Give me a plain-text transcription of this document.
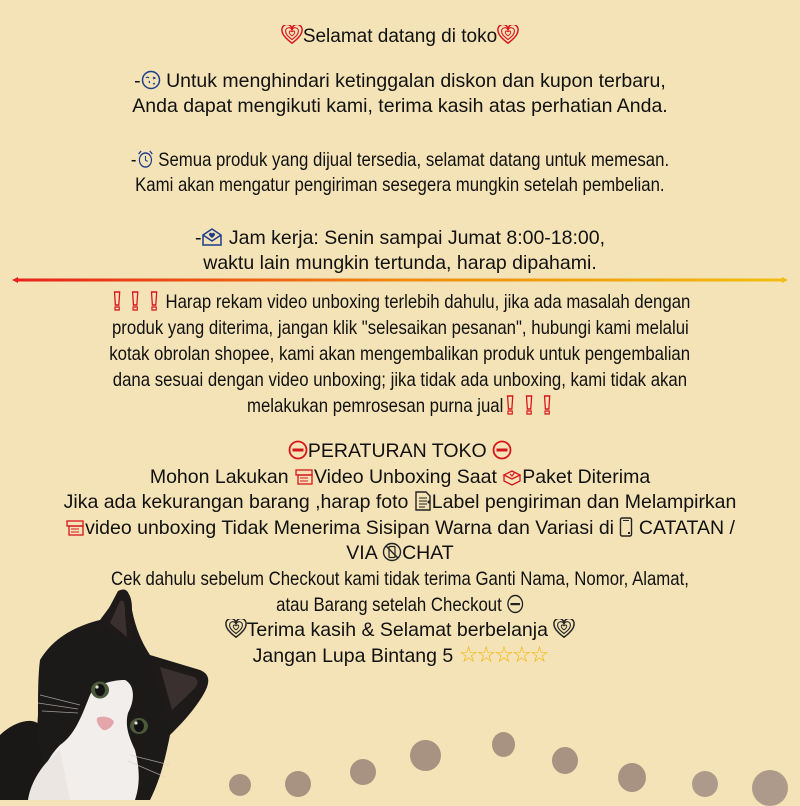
Selamat datang di toko
- Untuk menghindari ketinggalan diskon dan kupon terbaru,
Anda dapat mengikuti kami, terima kasih atas perhatian Anda.
- Semua produk yang dijual tersedia, selamat datang untuk memesan.
Kami akan mengatur pengiriman sesegera mungkin setelah pembelian.
- Jam kerja: Senin sampai Jumat 8:00-18:00,
waktu lain mungkin tertunda, harap dipahami.
Harap rekam video unboxing terlebih dahulu, jika ada masalah dengan
produk yang diterima, jangan klik "selesaikan pesanan", hubungi kami melalui
kotak obrolan shopee, kami akan mengembalikan produk untuk pengembalian
dana sesuai dengan video unboxing; jika tidak ada unboxing, kami tidak akan
melakukan pemrosesan purna jual
PERATURAN TOKO
Mohon Lakukan Video Unboxing Saat Paket Diterima
Jika ada kekurangan barang ,harap foto Label pengiriman dan Melampirkan
video unboxing Tidak Menerima Sisipan Warna dan Variasi di  CATATAN /
VIA CHAT
Cek dahulu sebelum Checkout kami tidak terima Ganti Nama, Nomor, Alamat,
atau Barang setelah Checkout
Terima kasih & Selamat berbelanja
Jangan Lupa Bintang 5 ☆☆☆☆☆
